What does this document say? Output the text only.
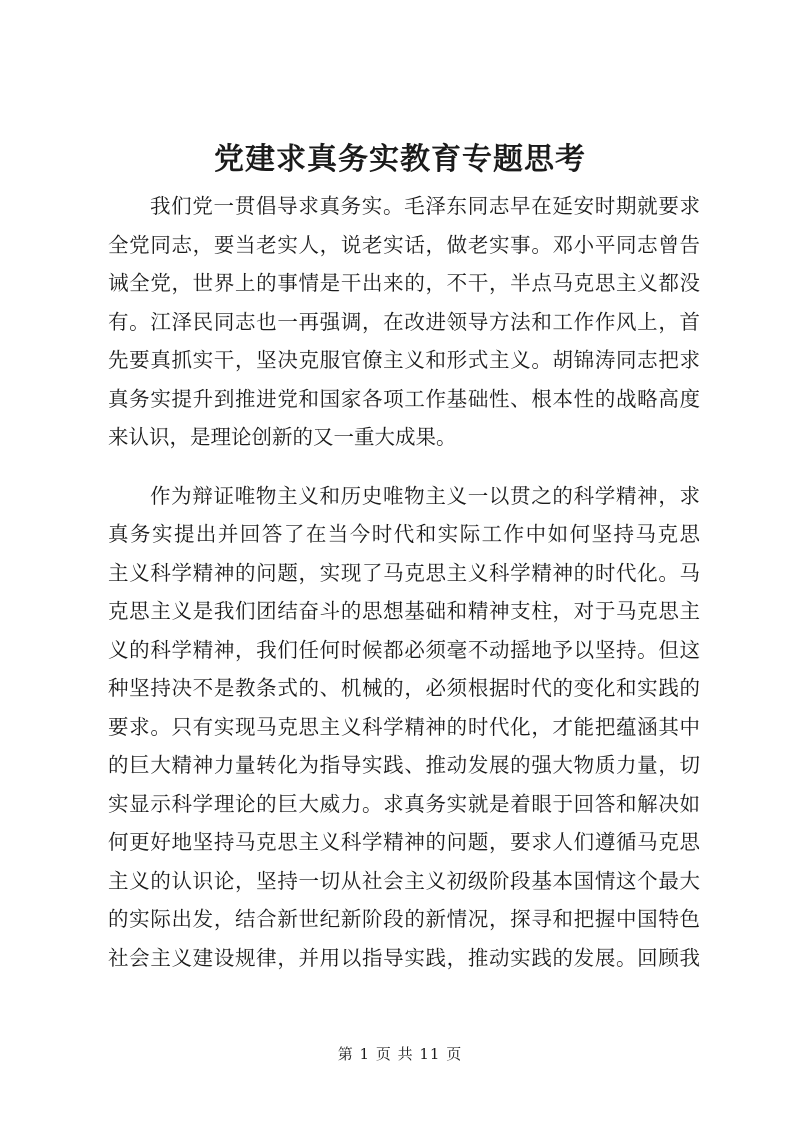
党建求真务实教育专题思考
我们党一贯倡导求真务实。毛泽东同志早在延安时期就要求
全党同志，要当老实人，说老实话，做老实事。邓小平同志曾告
诫全党，世界上的事情是干出来的，不干，半点马克思主义都没
有。江泽民同志也一再强调，在改进领导方法和工作作风上，首
先要真抓实干，坚决克服官僚主义和形式主义。胡锦涛同志把求
真务实提升到推进党和国家各项工作基础性、根本性的战略高度
来认识，是理论创新的又一重大成果。
作为辩证唯物主义和历史唯物主义一以贯之的科学精神，求
真务实提出并回答了在当今时代和实际工作中如何坚持马克思
主义科学精神的问题，实现了马克思主义科学精神的时代化。马
克思主义是我们团结奋斗的思想基础和精神支柱，对于马克思主
义的科学精神，我们任何时候都必须毫不动摇地予以坚持。但这
种坚持决不是教条式的、机械的，必须根据时代的变化和实践的
要求。只有实现马克思主义科学精神的时代化，才能把蕴涵其中
的巨大精神力量转化为指导实践、推动发展的强大物质力量，切
实显示科学理论的巨大威力。求真务实就是着眼于回答和解决如
何更好地坚持马克思主义科学精神的问题，要求人们遵循马克思
主义的认识论，坚持一切从社会主义初级阶段基本国情这个最大
的实际出发，结合新世纪新阶段的新情况，探寻和把握中国特色
社会主义建设规律，并用以指导实践，推动实践的发展。回顾我
第 1 页 共 11 页
